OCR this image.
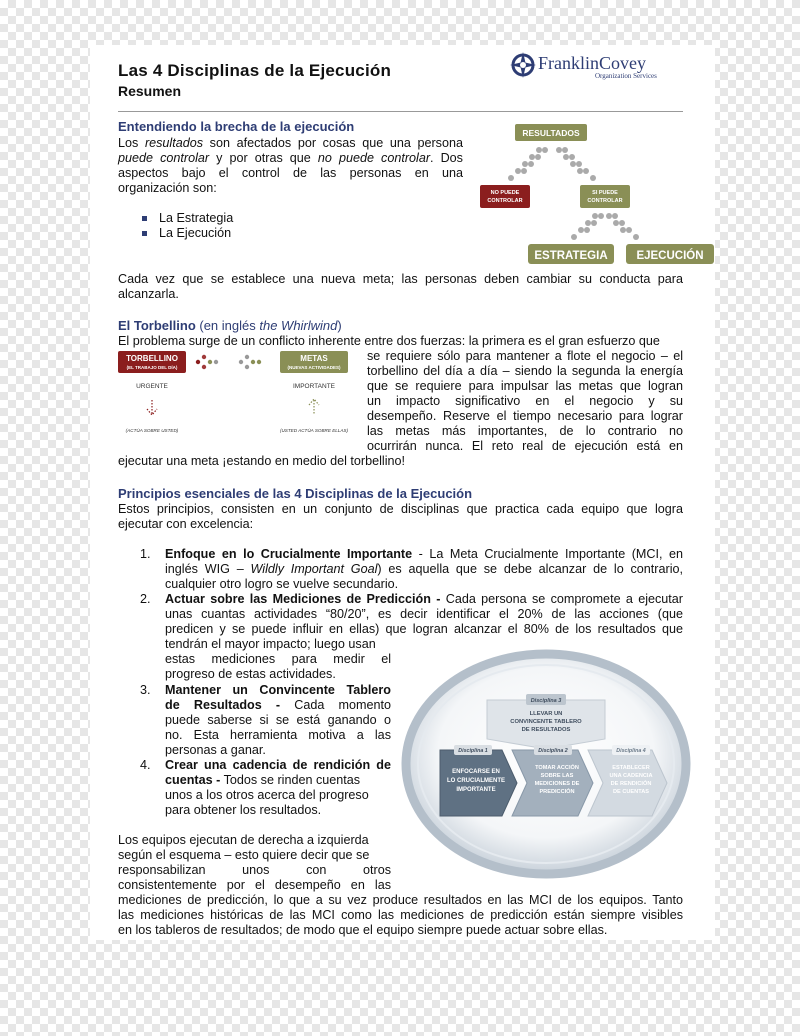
FranklinCovey
Organization Services
Las 4 Disciplinas de la Ejecución
Resumen
Entendiendo la brecha de la ejecución
Los resultados son afectados por cosas que una persona
puede controlar y por otras que no puede controlar. Dos
aspectos bajo el control de las personas en una
organización son:
La Estrategia
La Ejecución
Cada vez que se establece una nueva meta; las personas deben cambiar su conducta para
alcanzarla.
RESULTADOS
NO PUEDE
CONTROLAR
SI PUEDE
CONTROLAR
ESTRATEGIA	EJECUCIÓN
El Torbellino (en inglés the Whirlwind)
El problema surge de un conflicto inherente entre dos fuerzas: la primera es el gran esfuerzo que
se requiere sólo para mantener a flote el negocio – el
torbellino del día a día – siendo la segunda la energía
que se requiere para impulsar las metas que logran
un impacto significativo en el negocio y su
desempeño. Reserve el tiempo necesario para lograr
las metas más importantes, de lo contrario no
ocurrirán nunca. El reto real de ejecución está en
ejecutar una meta ¡estando en medio del torbellino!
TORBELLINO
(EL TRABAJO DEL DÍA)
METAS
(NUEVAS ACTIVIDADES)
URGENTE	IMPORTANTE
(ACTÚA SOBRE USTED)	(USTED ACTÚA SOBRE ELLAS)
Principios esenciales de las 4 Disciplinas de la Ejecución
Estos principios, consisten en un conjunto de disciplinas que practica cada equipo que logra
ejecutar con excelencia:
1. Enfoque en lo Crucialmente Importante - La Meta Crucialmente Importante (MCI, en
inglés WIG – Wildly Important Goal) es aquella que se debe alcanzar de lo contrario,
cualquier otro logro se vuelve secundario.
2. Actuar sobre las Mediciones de Predicción - Cada persona se compromete a ejecutar
unas cuantas actividades “80/20”, es decir identificar el 20% de las acciones (que
predicen y se puede influir en ellas) que logran alcanzar el 80% de los resultados que
tendrán el mayor impacto; luego usan
estas mediciones para medir el
progreso de estas actividades.
3. Mantener un Convincente Tablero
de Resultados - Cada momento
puede saberse si se está ganando o
no. Esta herramienta motiva a las
personas a ganar.
4. Crear una cadencia de rendición de
cuentas - Todos se rinden cuentas
unos a los otros acerca del progreso
para obtener los resultados.
Los equipos ejecutan de derecha a izquierda
según el esquema – esto quiere decir que se
responsabilizan unos con otros
consistentemente por el desempeño en las
mediciones de predicción, lo que a su vez produce resultados en las MCI de los equipos. Tanto
las mediciones históricas de las MCI como las mediciones de predicción están siempre visibles
en los tableros de resultados; de modo que el equipo siempre puede actuar sobre ellas.
Disciplina 3
LLEVAR UN
CONVINCENTE TABLERO
DE RESULTADOS
Disciplina 1
ENFOCARSE EN
LO CRUCIALMENTE
IMPORTANTE
Disciplina 2
TOMAR ACCIÓN
SOBRE LAS
MEDICIONES DE
PREDICCIÓN
Disciplina 4
ESTABLECER
UNA CADENCIA
DE RENDICIÓN
DE CUENTAS
